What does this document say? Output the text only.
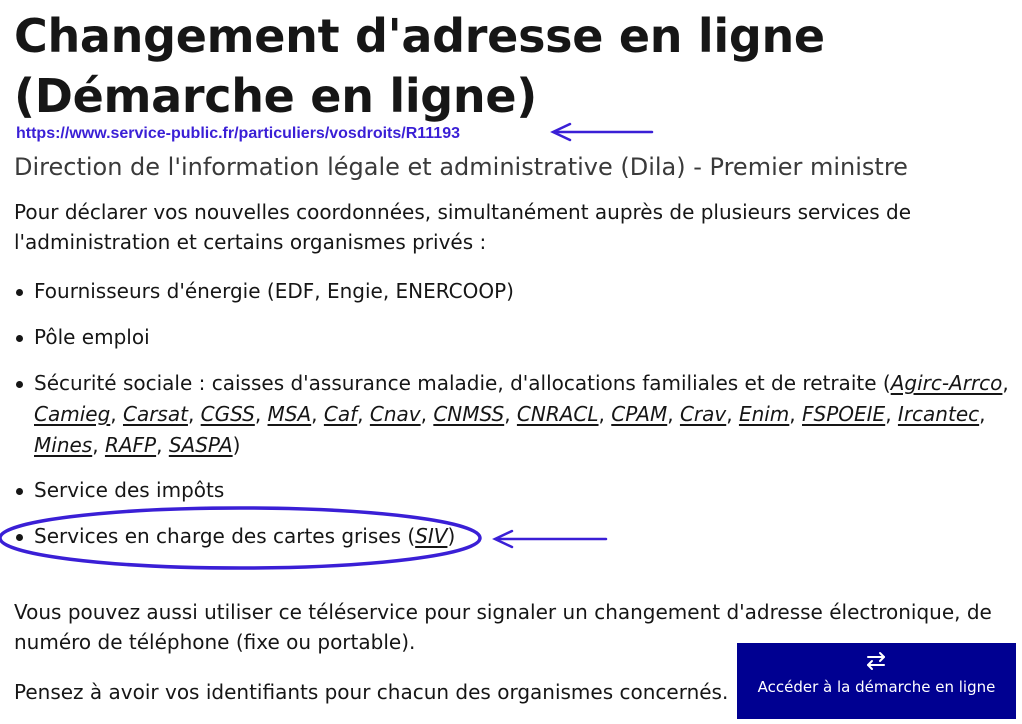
Changement d'adresse en ligne (Démarche en ligne)
https://www.service-public.fr/particuliers/vosdroits/R11193
Direction de l'information légale et administrative (Dila) - Premier ministre

Pour déclarer vos nouvelles coordonnées, simultanément auprès de plusieurs services de l'administration et certains organismes privés :

Fournisseurs d'énergie (EDF, Engie, ENERCOOP)
Pôle emploi
Sécurité sociale : caisses d'assurance maladie, d'allocations familiales et de retraite (Agirc-Arrco, Camieg, Carsat, CGSS, MSA, Caf, Cnav, CNMSS, CNRACL, CPAM, Crav, Enim, FSPOEIE, Ircantec, Mines, RAFP, SASPA)
Service des impôts
Services en charge des cartes grises (SIV)

Vous pouvez aussi utiliser ce téléservice pour signaler un changement d'adresse électronique, de numéro de téléphone (fixe ou portable).

Pensez à avoir vos identifiants pour chacun des organismes concernés.	Accéder à la démarche en ligne
